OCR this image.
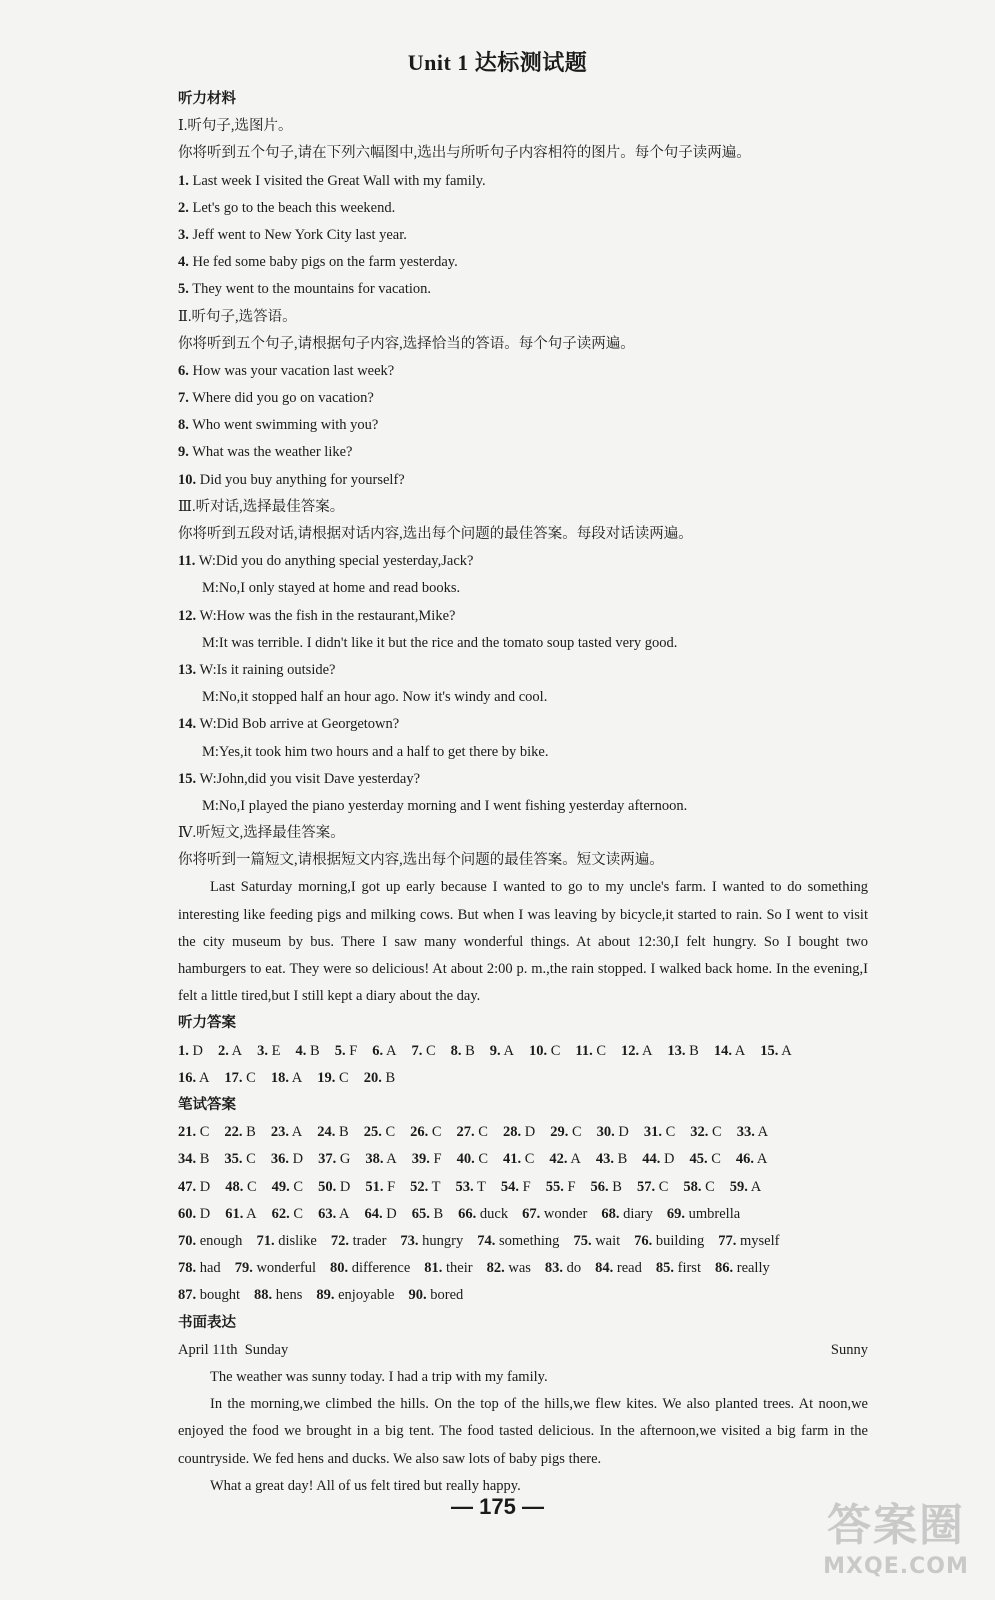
Unit 1 达标测试题
听力材料
Ⅰ.听句子,选图片。
你将听到五个句子,请在下列六幅图中,选出与所听句子内容相符的图片。每个句子读两遍。
1. Last week I visited the Great Wall with my family.
2. Let's go to the beach this weekend.
3. Jeff went to New York City last year.
4. He fed some baby pigs on the farm yesterday.
5. They went to the mountains for vacation.
Ⅱ.听句子,选答语。
你将听到五个句子,请根据句子内容,选择恰当的答语。每个句子读两遍。
6. How was your vacation last week?
7. Where did you go on vacation?
8. Who went swimming with you?
9. What was the weather like?
10. Did you buy anything for yourself?
Ⅲ.听对话,选择最佳答案。
你将听到五段对话,请根据对话内容,选出每个问题的最佳答案。每段对话读两遍。
11. W:Did you do anything special yesterday,Jack?
M:No,I only stayed at home and read books.
12. W:How was the fish in the restaurant,Mike?
M:It was terrible. I didn't like it but the rice and the tomato soup tasted very good.
13. W:Is it raining outside?
M:No,it stopped half an hour ago. Now it's windy and cool.
14. W:Did Bob arrive at Georgetown?
M:Yes,it took him two hours and a half to get there by bike.
15. W:John,did you visit Dave yesterday?
M:No,I played the piano yesterday morning and I went fishing yesterday afternoon.
Ⅳ.听短文,选择最佳答案。
你将听到一篇短文,请根据短文内容,选出每个问题的最佳答案。短文读两遍。
Last Saturday morning,I got up early because I wanted to go to my uncle's farm. I wanted to do something interesting like feeding pigs and milking cows. But when I was leaving by bicycle,it started to rain. So I went to visit the city museum by bus. There I saw many wonderful things. At about 12:30,I felt hungry. So I bought two hamburgers to eat. They were so delicious! At about 2:00 p. m.,the rain stopped. I walked back home. In the evening,I felt a little tired,but I still kept a diary about the day.
听力答案
1. D 2. A 3. E 4. B 5. F 6. A 7. C 8. B 9. A 10. C 11. C 12. A 13. B 14. A 15. A
16. A 17. C 18. A 19. C 20. B
笔试答案
21. C 22. B 23. A 24. B 25. C 26. C 27. C 28. D 29. C 30. D 31. C 32. C 33. A
34. B 35. C 36. D 37. G 38. A 39. F 40. C 41. C 42. A 43. B 44. D 45. C 46. A
47. D 48. C 49. C 50. D 51. F 52. T 53. T 54. F 55. F 56. B 57. C 58. C 59. A
60. D 61. A 62. C 63. A 64. D 65. B 66. duck 67. wonder 68. diary 69. umbrella
70. enough 71. dislike 72. trader 73. hungry 74. something 75. wait 76. building 77. myself
78. had 79. wonderful 80. difference 81. their 82. was 83. do 84. read 85. first 86. really
87. bought 88. hens 89. enjoyable 90. bored
书面表达
April 11th  Sunday	Sunny
The weather was sunny today. I had a trip with my family.
In the morning,we climbed the hills. On the top of the hills,we flew kites. We also planted trees. At noon,we enjoyed the food we brought in a big tent. The food tasted delicious. In the afternoon,we visited a big farm in the countryside. We fed hens and ducks. We also saw lots of baby pigs there.
What a great day! All of us felt tired but really happy.
— 175 —	答案圈
MXQE.COM
